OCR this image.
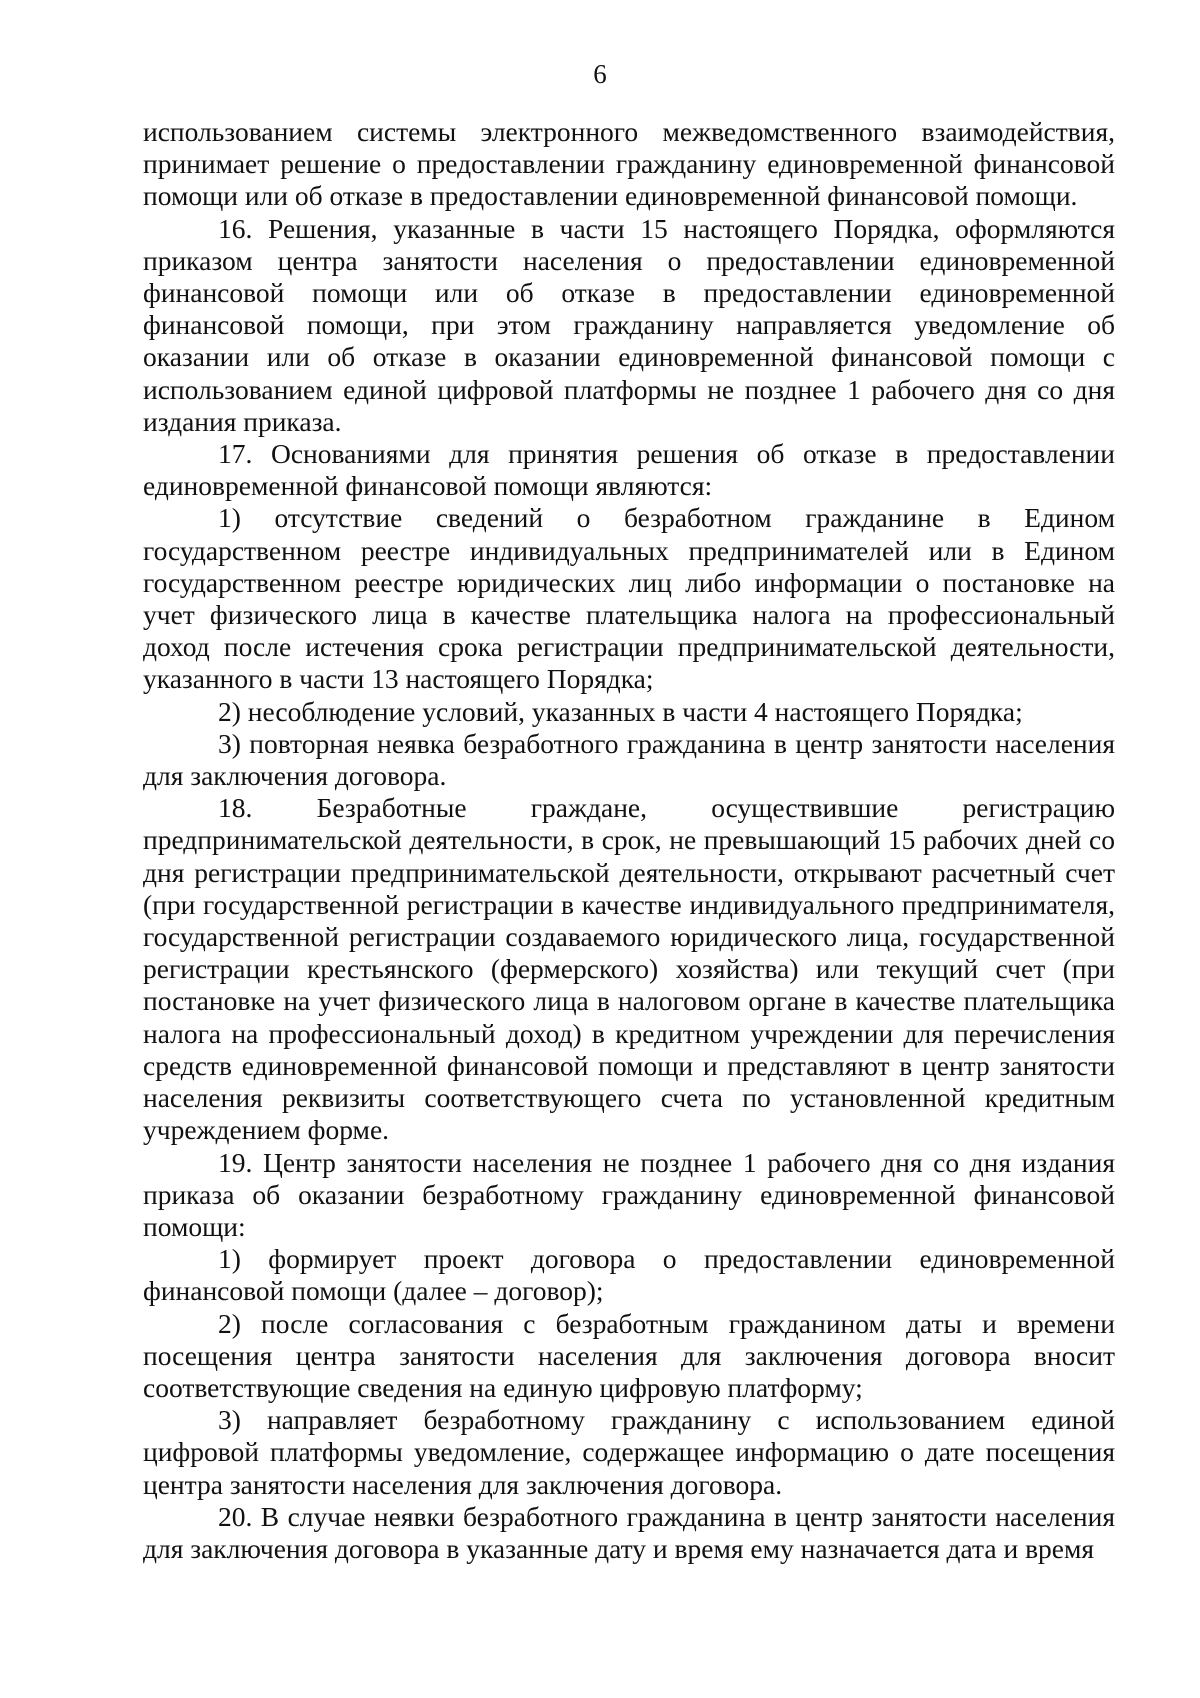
6

использованием системы электронного межведомственного взаимодействия, принимает решение о предоставлении гражданину единовременной финансовой помощи или об отказе в предоставлении единовременной финансовой помощи.

16. Решения, указанные в части 15 настоящего Порядка, оформляются приказом центра занятости населения о предоставлении единовременной финансовой помощи или об отказе в предоставлении единовременной финансовой помощи, при этом гражданину направляется уведомление об оказании или об отказе в оказании единовременной финансовой помощи с использованием единой цифровой платформы не позднее 1 рабочего дня со дня издания приказа.

17. Основаниями для принятия решения об отказе в предоставлении единовременной финансовой помощи являются:

1) отсутствие сведений о безработном гражданине в Едином государственном реестре индивидуальных предпринимателей или в Едином государственном реестре юридических лиц либо информации о постановке на учет физического лица в качестве плательщика налога на профессиональный доход после истечения срока регистрации предпринимательской деятельности, указанного в части 13 настоящего Порядка;

2) несоблюдение условий, указанных в части 4 настоящего Порядка;

3) повторная неявка безработного гражданина в центр занятости населения для заключения договора.

18. Безработные граждане, осуществившие регистрацию предпринимательской деятельности, в срок, не превышающий 15 рабочих дней со дня регистрации предпринимательской деятельности, открывают расчетный счет (при государственной регистрации в качестве индивидуального предпринимателя, государственной регистрации создаваемого юридического лица, государственной регистрации крестьянского (фермерского) хозяйства) или текущий счет (при постановке на учет физического лица в налоговом органе в качестве плательщика налога на профессиональный доход) в кредитном учреждении для перечисления средств единовременной финансовой помощи и представляют в центр занятости населения реквизиты соответствующего счета по установленной кредитным учреждением форме.

19. Центр занятости населения не позднее 1 рабочего дня со дня издания приказа об оказании безработному гражданину единовременной финансовой помощи:

1) формирует проект договора о предоставлении единовременной финансовой помощи (далее – договор);

2) после согласования с безработным гражданином даты и времени посещения центра занятости населения для заключения договора вносит соответствующие сведения на единую цифровую платформу;

3) направляет безработному гражданину с использованием единой цифровой платформы уведомление, содержащее информацию о дате посещения центра занятости населения для заключения договора.

20. В случае неявки безработного гражданина в центр занятости населения для заключения договора в указанные дату и время ему назначается дата и время
